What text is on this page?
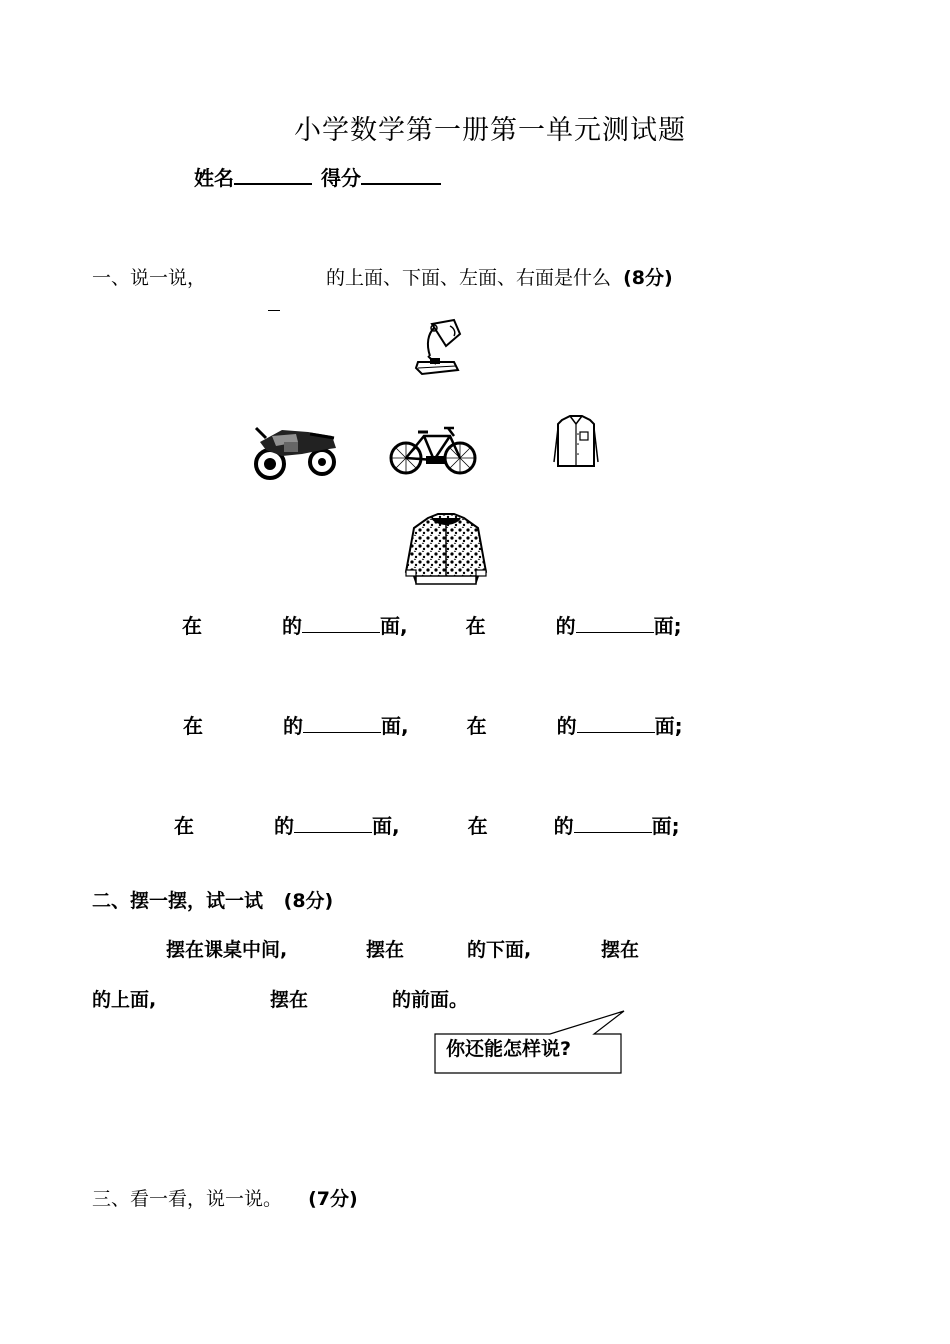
小学数学第一册第一单元测试题
姓名	得分
一、说一说，	的上面、下面、左面、右面是什么 (8分)
在	的	面,	在	的	面;
在	的	面,	在	的	面;
在	的	面,	在	的	面;
二、摆一摆，试一试 (8分)
摆在课桌中间,	摆在	的下面,	摆在
的上面,	摆在	的前面。
你还能怎样说?
三、看一看，说一说。 (7分)
